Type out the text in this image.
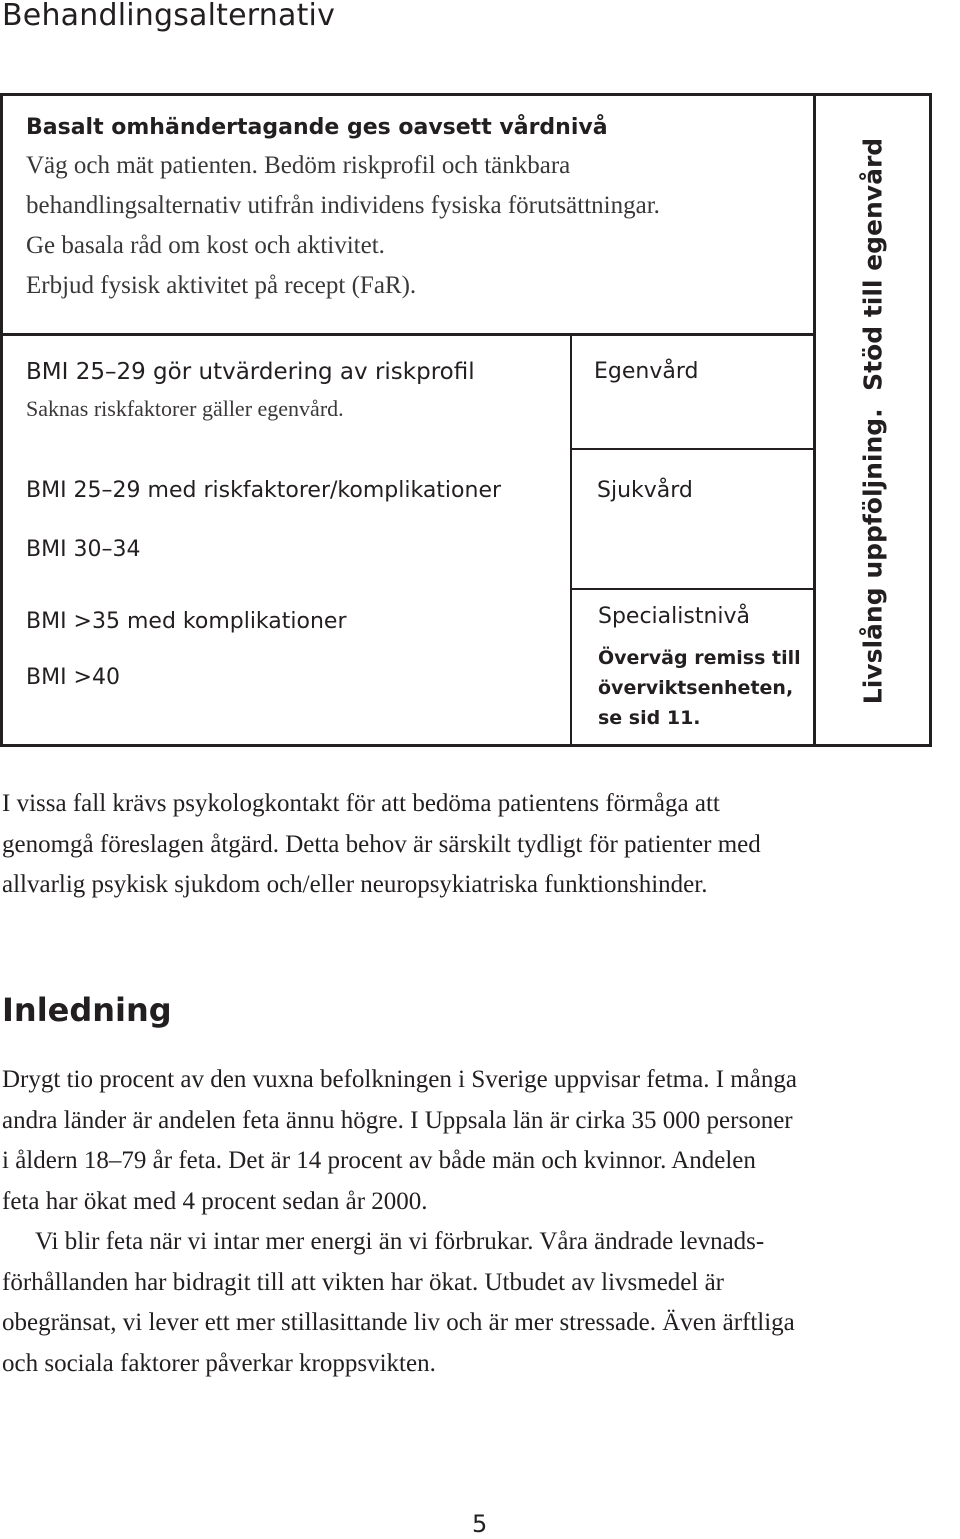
Behandlingsalternativ
Basalt omhändertagande ges oavsett vårdnivå
Väg och mät patienten. Bedöm riskprofil och tänkbara
behandlingsalternativ utifrån individens fysiska förutsättningar.
Ge basala råd om kost och aktivitet.
Erbjud fysisk aktivitet på recept (FaR).
BMI 25–29 gör utvärdering av riskprofil
Saknas riskfaktorer gäller egenvård.
BMI 25–29 med riskfaktorer/komplikationer
BMI 30–34
BMI >35 med komplikationer
BMI >40
Egenvård
Sjukvård
Specialistnivå
Överväg remiss till
överviktsenheten,
se sid 11.
Livslång uppföljning.  Stöd till egenvård
I vissa fall krävs psykologkontakt för att bedöma patientens förmåga att
genomgå föreslagen åtgärd. Detta behov är särskilt tydligt för patienter med
allvarlig psykisk sjukdom och/eller neuropsykiatriska funktionshinder.
Inledning
Drygt tio procent av den vuxna befolkningen i Sverige uppvisar fetma. I många
andra länder är andelen feta ännu högre. I Uppsala län är cirka 35 000 personer
i åldern 18–79 år feta. Det är 14 procent av både män och kvinnor. Andelen
feta har ökat med 4 procent sedan år 2000.
Vi blir feta när vi intar mer energi än vi förbrukar. Våra ändrade levnads-
förhållanden har bidragit till att vikten har ökat. Utbudet av livsmedel är
obegränsat, vi lever ett mer stillasittande liv och är mer stressade. Även ärftliga
och sociala faktorer påverkar kroppsvikten.
5
